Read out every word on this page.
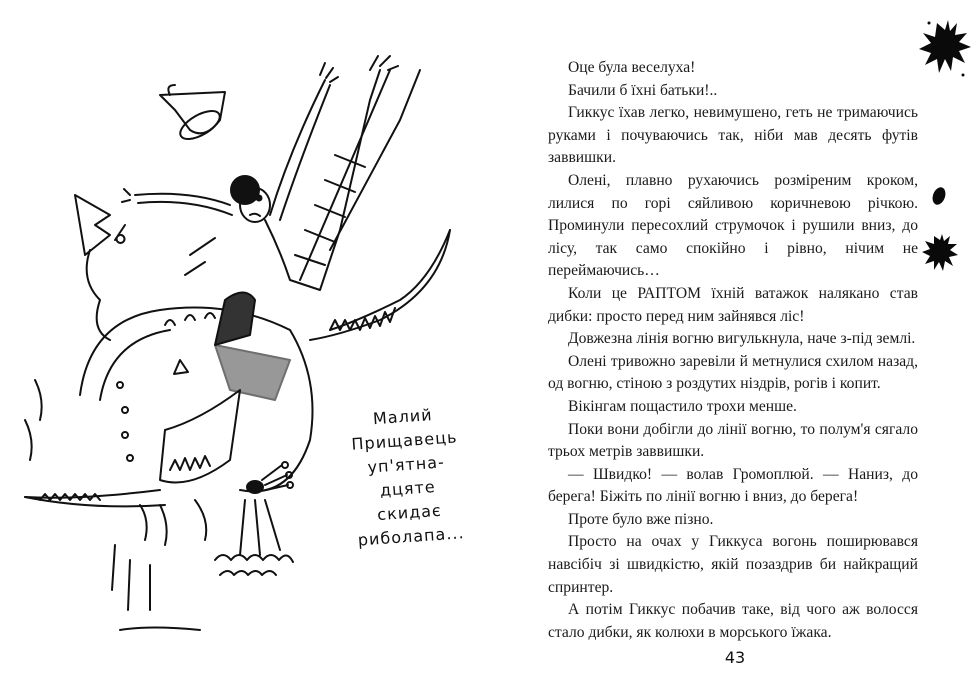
Малий
Прищавець
уп'ятна-
дцяте
скидає
риболапа...

Оце була веселуха!

Бачили б їхні батьки!..

Гиккус їхав легко, невимушено, геть не тримаючись руками і почуваючись так, ніби мав десять футів заввишки.

Олені, плавно рухаючись розміреним кроком, лилися по горі сяйливою коричневою річкою. Проминули пересохлий струмочок і рушили вниз, до лісу, так само спокійно і рівно, нічим не переймаючись…

Коли це РАПТОМ їхній ватажок налякано став дибки: просто перед ним зайнявся ліс!

Довжезна лінія вогню вигулькнула, наче з-під землі.

Олені тривожно заревіли й метнулися схилом назад, од вогню, стіною з роздутих ніздрів, рогів і копит.

Вікінгам пощастило трохи менше.

Поки вони добігли до лінії вогню, то полум'я сягало трьох метрів заввишки.

— Швидко! — волав Громоплюй. — Наниз, до берега! Біжіть по лінії вогню і вниз, до берега!

Проте було вже пізно.

Просто на очах у Гиккуса вогонь поширювався навсібіч зі швидкістю, якій позаздрив би найкращий спринтер.

А потім Гиккус побачив таке, від чого аж волосся стало дибки, як колюхи в морського їжака.

43
